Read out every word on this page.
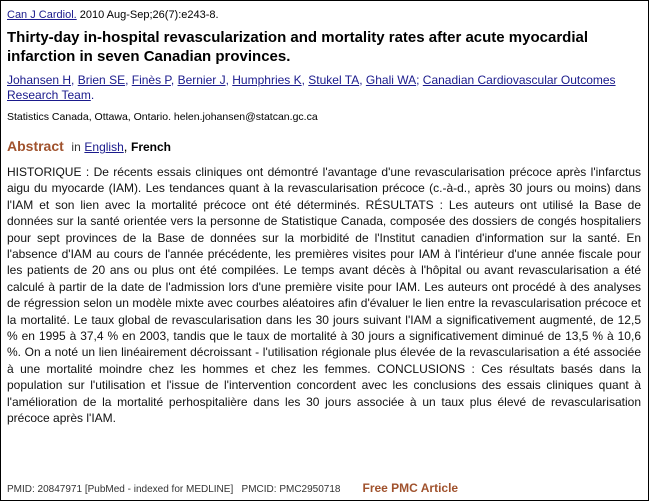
Can J Cardiol. 2010 Aug-Sep;26(7):e243-8.
Thirty-day in-hospital revascularization and mortality rates after acute myocardial infarction in seven Canadian provinces.
Johansen H, Brien SE, Finès P, Bernier J, Humphries K, Stukel TA, Ghali WA; Canadian Cardiovascular Outcomes Research Team.
Statistics Canada, Ottawa, Ontario. helen.johansen@statcan.gc.ca
Abstract in English, French
HISTORIQUE : De récents essais cliniques ont démontré l'avantage d'une revascularisation précoce après l'infarctus aigu du myocarde (IAM). Les tendances quant à la revascularisation précoce (c.-à-d., après 30 jours ou moins) dans l'IAM et son lien avec la mortalité précoce ont été déterminés. RÉSULTATS : Les auteurs ont utilisé la Base de données sur la santé orientée vers la personne de Statistique Canada, composée des dossiers de congés hospitaliers pour sept provinces de la Base de données sur la morbidité de l'Institut canadien d'information sur la santé. En l'absence d'IAM au cours de l'année précédente, les premières visites pour IAM à l'intérieur d'une année fiscale pour les patients de 20 ans ou plus ont été compilées. Le temps avant décès à l'hôpital ou avant revascularisation a été calculé à partir de la date de l'admission lors d'une première visite pour IAM. Les auteurs ont procédé à des analyses de régression selon un modèle mixte avec courbes aléatoires afin d'évaluer le lien entre la revascularisation précoce et la mortalité. Le taux global de revascularisation dans les 30 jours suivant l'IAM a significativement augmenté, de 12,5 % en 1995 à 37,4 % en 2003, tandis que le taux de mortalité à 30 jours a significativement diminué de 13,5 % à 10,6 %. On a noté un lien linéairement décroissant - l'utilisation régionale plus élevée de la revascularisation a été associée à une mortalité moindre chez les hommes et chez les femmes. CONCLUSIONS : Ces résultats basés dans la population sur l'utilisation et l'issue de l'intervention concordent avec les conclusions des essais cliniques quant à l'amélioration de la mortalité perhospitalière dans les 30 jours associée à un taux plus élevé de revascularisation précoce après l'IAM.
PMID: 20847971 [PubMed - indexed for MEDLINE]   PMCID: PMC2950718 Free PMC Article
